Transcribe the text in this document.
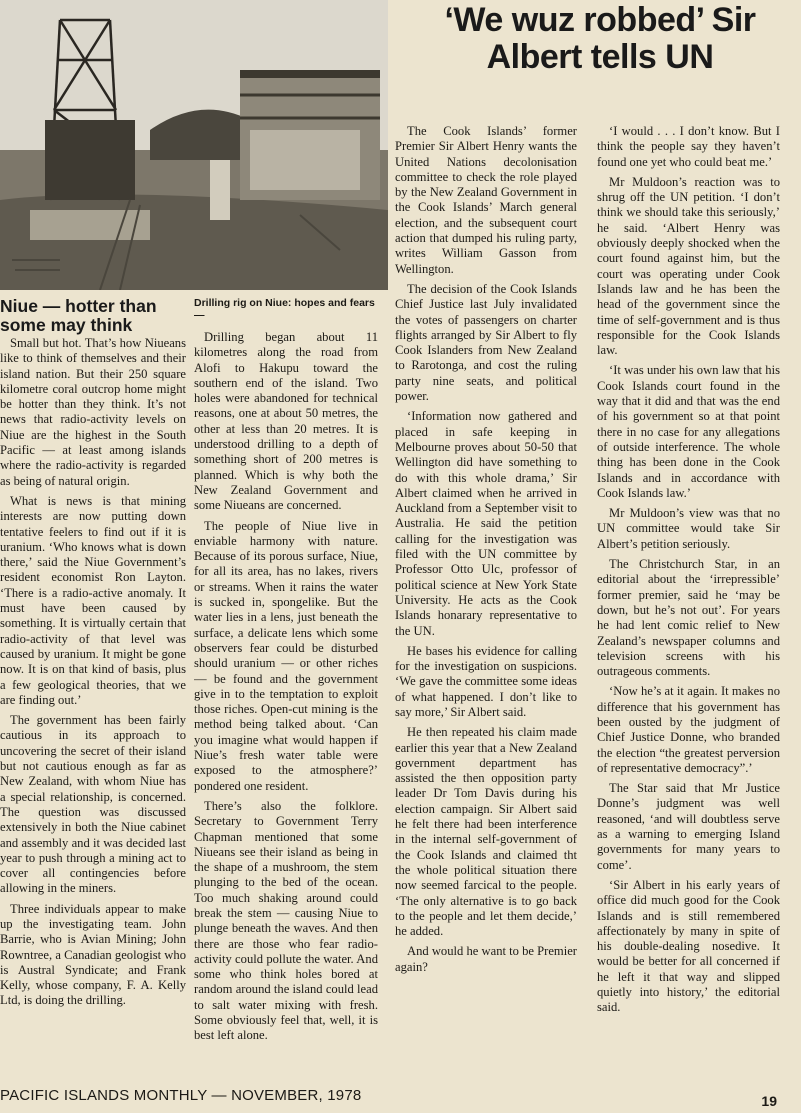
‘We wuz robbed’ Sir Albert tells UN
Niue — hotter than some may think
Drilling rig on Niue: hopes and fears —

Small but hot. That’s how Niueans like to think of themselves and their island nation. But their 250 square kilometre coral outcrop home might be hotter than they think. It’s not news that radio-activity levels on Niue are the highest in the South Pacific — at least among islands where the radio-activity is regarded as being of natural origin.

What is news is that mining interests are now putting down tentative feelers to find out if it is uranium. ‘Who knows what is down there,’ said the Niue Government’s resident economist Ron Layton. ‘There is a radio-active anomaly. It must have been caused by something. It is virtually certain that radio-activity of that level was caused by uranium. It might be gone now. It is on that kind of basis, plus a few geological theories, that we are finding out.’

The government has been fairly cautious in its approach to uncovering the secret of their island but not cautious enough as far as New Zealand, with whom Niue has a special relationship, is concerned. The question was discussed extensively in both the Niue cabinet and assembly and it was decided last year to push through a mining act to cover all contingencies before allowing in the miners.

Three individuals appear to make up the investigating team. John Barrie, who is Avian Mining; John Rowntree, a Canadian geologist who is Austral Syndicate; and Frank Kelly, whose company, F. A. Kelly Ltd, is doing the drilling.

Drilling began about 11 kilometres along the road from Alofi to Hakupu toward the southern end of the island. Two holes were abandoned for technical reasons, one at about 50 metres, the other at less than 20 metres. It is understood drilling to a depth of something short of 200 metres is planned. Which is why both the New Zealand Government and some Niueans are concerned.

The people of Niue live in enviable harmony with nature. Because of its porous surface, Niue, for all its area, has no lakes, rivers or streams. When it rains the water is sucked in, spongelike. But the water lies in a lens, just beneath the surface, a delicate lens which some observers fear could be disturbed should uranium — or other riches — be found and the government give in to the temptation to exploit those riches. Open-cut mining is the method being talked about. ‘Can you imagine what would happen if Niue’s fresh water table were exposed to the atmosphere?’ pondered one resident.

There’s also the folklore. Secretary to Government Terry Chapman mentioned that some Niueans see their island as being in the shape of a mushroom, the stem plunging to the bed of the ocean. Too much shaking around could break the stem — causing Niue to plunge beneath the waves. And then there are those who fear radio-activity could pollute the water. And some who think holes bored at random around the island could lead to salt water mixing with fresh. Some obviously feel that, well, it is best left alone.

The Cook Islands’ former Premier Sir Albert Henry wants the United Nations decolonisation committee to check the role played by the New Zealand Government in the Cook Islands’ March general election, and the subsequent court action that dumped his ruling party, writes William Gasson from Wellington.

The decision of the Cook Islands Chief Justice last July invalidated the votes of passengers on charter flights arranged by Sir Albert to fly Cook Islanders from New Zealand to Rarotonga, and cost the ruling party nine seats, and political power.

‘Information now gathered and placed in safe keeping in Melbourne proves about 50-50 that Wellington did have something to do with this whole drama,’ Sir Albert claimed when he arrived in Auckland from a September visit to Australia. He said the petition calling for the investigation was filed with the UN committee by Professor Otto Ulc, professor of political science at New York State University. He acts as the Cook Islands honarary representative to the UN.

He bases his evidence for calling for the investigation on suspicions. ‘We gave the committee some ideas of what happened. I don’t like to say more,’ Sir Albert said.

He then repeated his claim made earlier this year that a New Zealand government department has assisted the then opposition party leader Dr Tom Davis during his election campaign. Sir Albert said he felt there had been interference in the internal self-government of the Cook Islands and claimed tht the whole political situation there now seemed farcical to the people. ‘The only alternative is to go back to the people and let them decide,’ he added.

And would he want to be Premier again?

‘I would . . . I don’t know. But I think the people say they haven’t found one yet who could beat me.’

Mr Muldoon’s reaction was to shrug off the UN petition. ‘I don’t think we should take this seriously,’ he said. ‘Albert Henry was obviously deeply shocked when the court found against him, but the court was operating under Cook Islands law and he has been the head of the government since the time of self-government and is thus responsible for the Cook Islands law.

‘It was under his own law that his Cook Islands court found in the way that it did and that was the end of his government so at that point there in no case for any allegations of outside interference. The whole thing has been done in the Cook Islands and in accordance with Cook Islands law.’

Mr Muldoon’s view was that no UN committee would take Sir Albert’s petition seriously.

The Christchurch Star, in an editorial about the ‘irrepressible’ former premier, said he ‘may be down, but he’s not out’. For years he had lent comic relief to New Zealand’s newspaper columns and television screens with his outrageous comments.

‘Now he’s at it again. It makes no difference that his government has been ousted by the judgment of Chief Justice Donne, who branded the election “the greatest perversion of representative democracy”.’

The Star said that Mr Justice Donne’s judgment was well reasoned, ‘and will doubtless serve as a warning to emerging Island governments for many years to come’.

‘Sir Albert in his early years of office did much good for the Cook Islands and is still remembered affectionately by many in spite of his double-dealing nosedive. It would be better for all concerned if he left it that way and slipped quietly into history,’ the editorial said.

PACIFIC ISLANDS MONTHLY — NOVEMBER, 1978	19
